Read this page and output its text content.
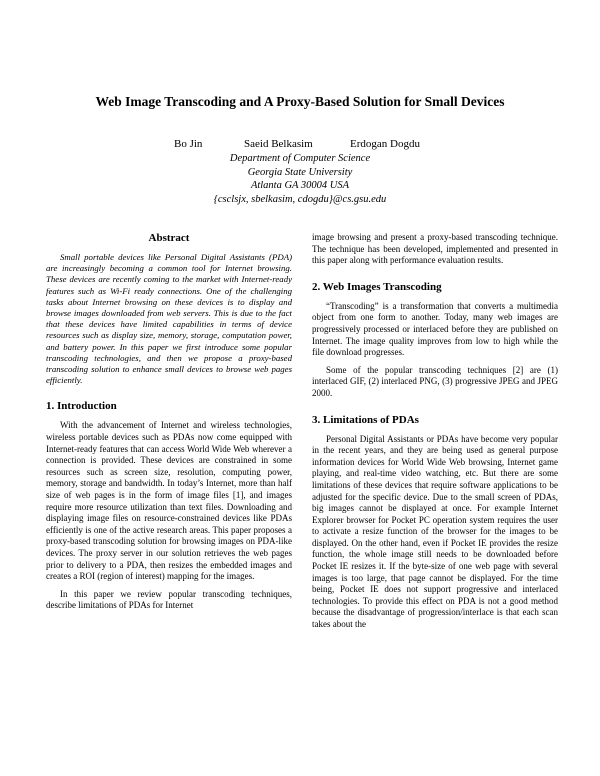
Web Image Transcoding and A Proxy-Based Solution for Small Devices
Bo Jin	Saeid Belkasim	Erdogan Dogdu
Department of Computer Science
Georgia State University
Atlanta GA 30004 USA
{csclsjx, sbelkasim, cdogdu}@cs.gsu.edu
Abstract

Small portable devices like Personal Digital Assistants (PDA) are increasingly becoming a common tool for Internet browsing. These devices are recently coming to the market with Internet-ready features such as Wi-Fi ready connections. One of the challenging tasks about Internet browsing on these devices is to display and browse images downloaded from web servers. This is due to the fact that these devices have limited capabilities in terms of device resources such as display size, memory, storage, computation power, and battery power. In this paper we first introduce some popular transcoding technologies, and then we propose a proxy-based transcoding solution to enhance small devices to browse web pages efficiently.

1. Introduction

With the advancement of Internet and wireless technologies, wireless portable devices such as PDAs now come equipped with Internet-ready features that can access World Wide Web wherever a connection is provided. These devices are constrained in some resources such as screen size, resolution, computing power, memory, storage and bandwidth. In today’s Internet, more than half size of web pages is in the form of image files [1], and images require more resource utilization than text files. Downloading and displaying image files on resource-constrained devices like PDAs efficiently is one of the active research areas. This paper proposes a proxy-based transcoding solution for browsing images on PDA-like devices. The proxy server in our solution retrieves the web pages prior to delivery to a PDA, then resizes the embedded images and creates a ROI (region of interest) mapping for the images.

In this paper we review popular transcoding techniques, describe limitations of PDAs for Internet

image browsing and present a proxy-based transcoding technique. The technique has been developed, implemented and presented in this paper along with performance evaluation results.

2. Web Images Transcoding

“Transcoding” is a transformation that converts a multimedia object from one form to another. Today, many web images are progressively processed or interlaced before they are published on Internet. The image quality improves from low to high while the file download progresses.

Some of the popular transcoding techniques [2] are (1) interlaced GIF, (2) interlaced PNG, (3) progressive JPEG and JPEG 2000.

3. Limitations of PDAs

Personal Digital Assistants or PDAs have become very popular in the recent years, and they are being used as general purpose information devices for World Wide Web browsing, Internet game playing, and real-time video watching, etc. But there are some limitations of these devices that require software applications to be adjusted for the specific device. Due to the small screen of PDAs, big images cannot be displayed at once. For example Internet Explorer browser for Pocket PC operation system requires the user to activate a resize function of the browser for the images to be displayed. On the other hand, even if Pocket IE provides the resize function, the whole image still needs to be downloaded before Pocket IE resizes it. If the byte-size of one web page with several images is too large, that page cannot be displayed. For the time being, Pocket IE does not support progressive and interlaced technologies. To provide this effect on PDA is not a good method because the disadvantage of progression/interlace is that each scan takes about the
